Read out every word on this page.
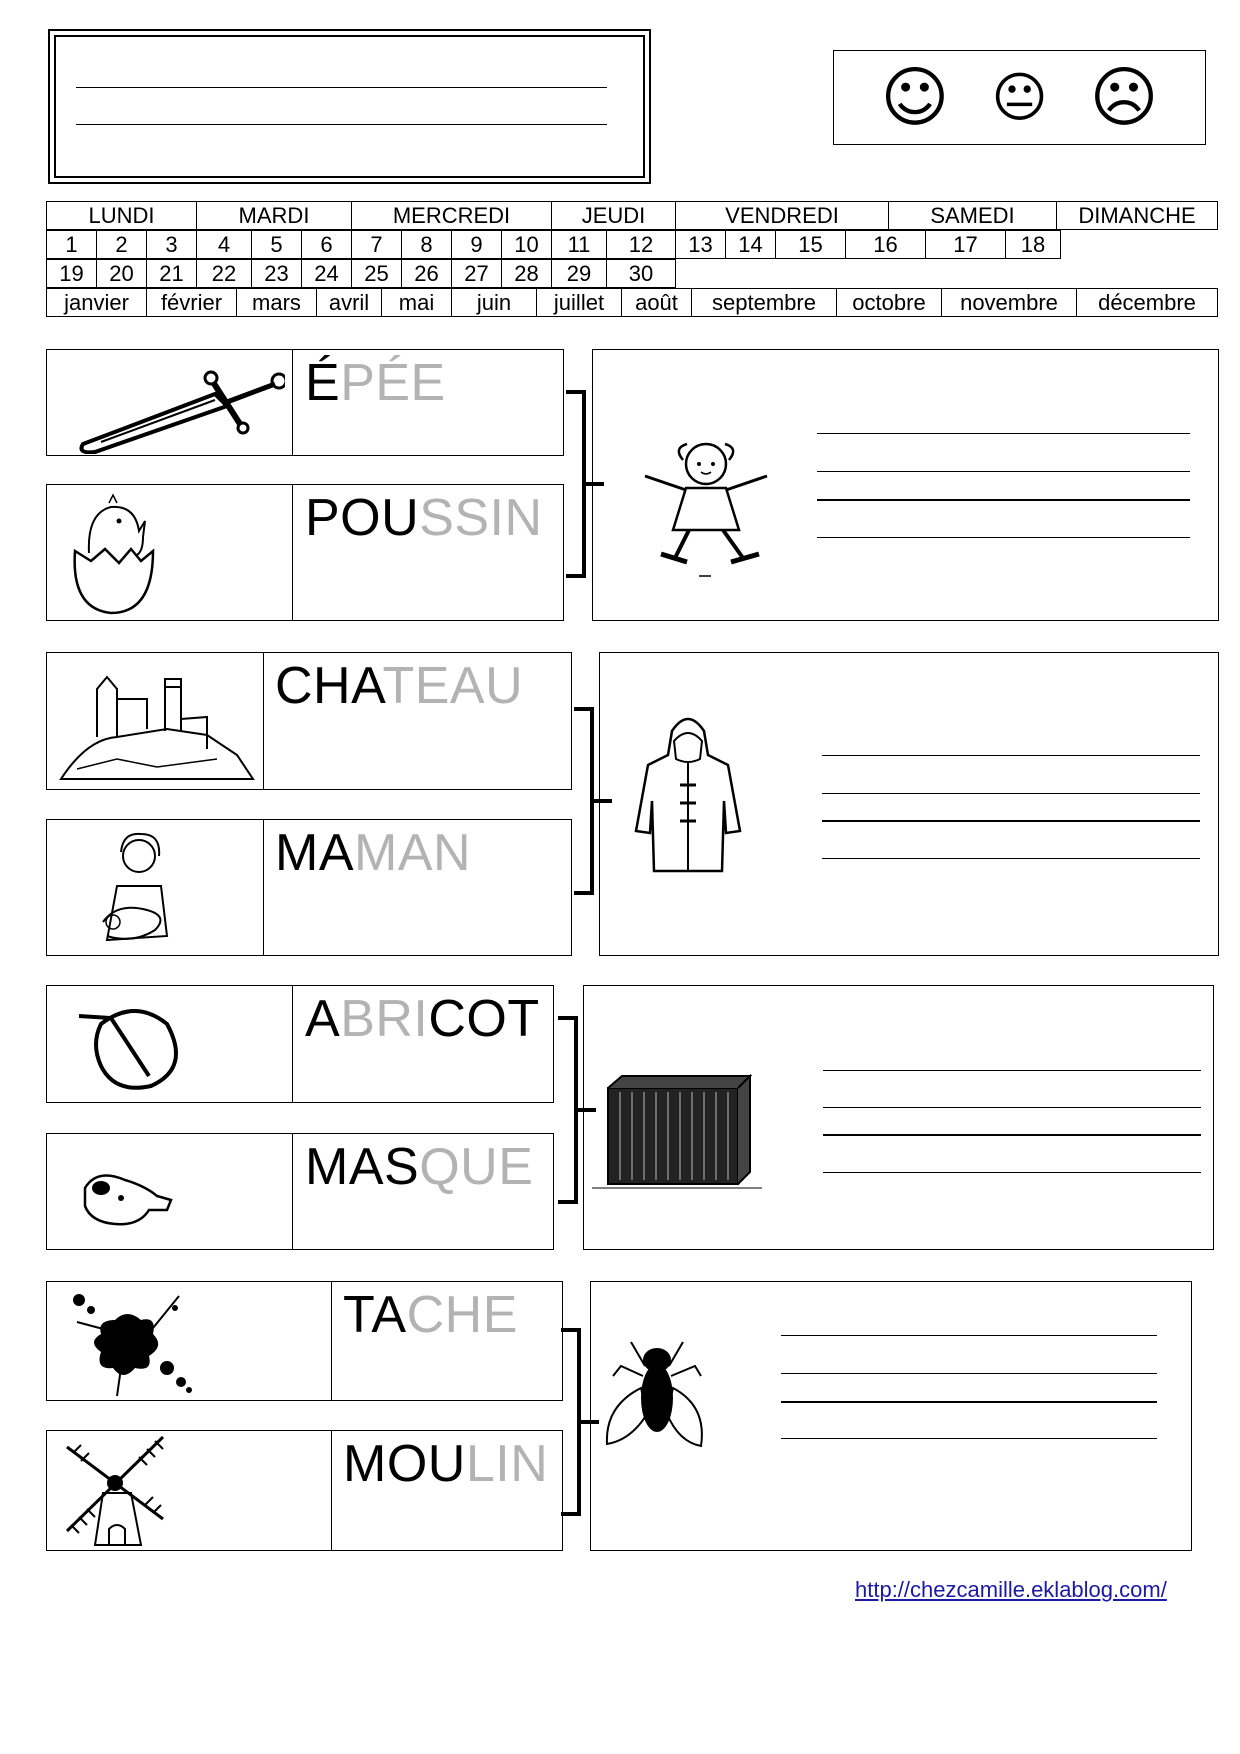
☺ 😐 ☹
LUNDI	MARDI	MERCREDI	JEUDI	VENDREDI	SAMEDI	DIMANCHE
1	2	3	4	5	6	7	8	9	10	11	12	13	14	15	16	17	18
19	20	21	22	23	24	25	26	27	28	29	30
janvier	février	mars	avril	mai	juin	juillet	août	septembre	octobre	novembre	décembre
ÉPÉE
POUSSIN
CHATEAU
MAMAN
ABRICOT
MASQUE
TACHE
MOULIN
http://chezcamille.eklablog.com/
